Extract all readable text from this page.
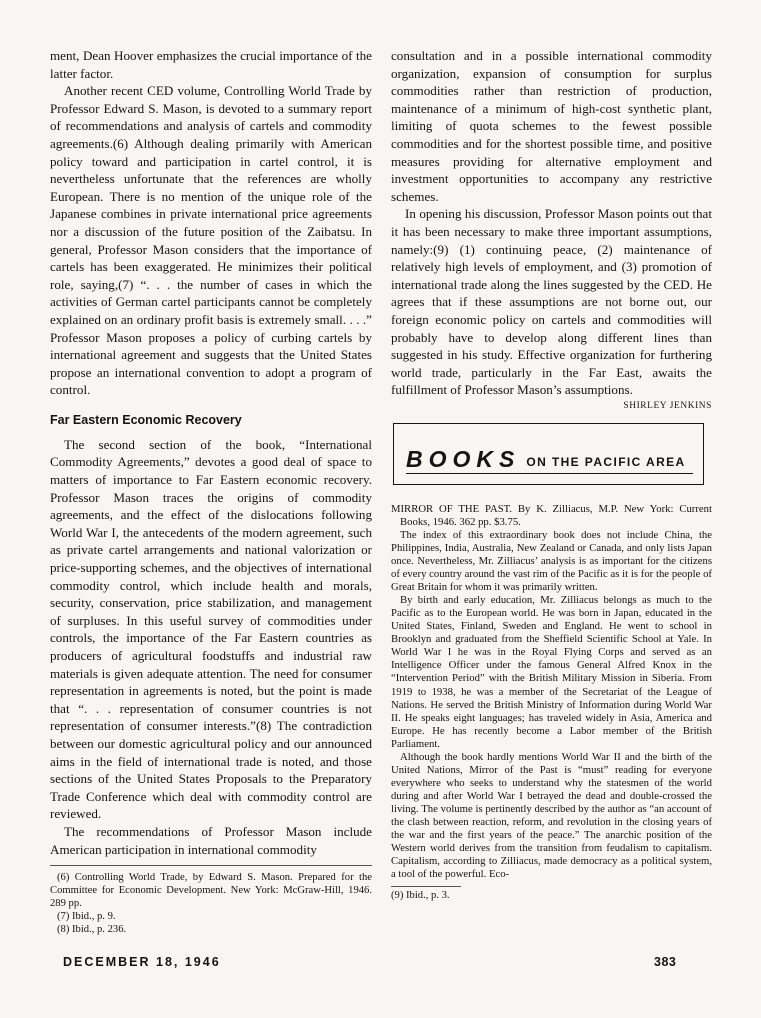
ment, Dean Hoover emphasizes the crucial importance of the latter factor.

Another recent CED volume, Controlling World Trade by Professor Edward S. Mason, is devoted to a summary report of recommendations and analysis of cartels and commodity agreements.(6) Although dealing primarily with American policy toward and participation in cartel control, it is nevertheless unfortunate that the references are wholly European. There is no mention of the unique role of the Japanese combines in private international price agreements nor a discussion of the future position of the Zaibatsu. In general, Professor Mason considers that the importance of cartels has been exaggerated. He minimizes their political role, saying,(7) “. . . the number of cases in which the activities of German cartel participants cannot be completely explained on an ordinary profit basis is extremely small. . . .” Professor Mason proposes a policy of curbing cartels by international agreement and suggests that the United States propose an international convention to adopt a program of control.

Far Eastern Economic Recovery

The second section of the book, “International Commodity Agreements,” devotes a good deal of space to matters of importance to Far Eastern economic recovery. Professor Mason traces the origins of commodity agreements, and the effect of the dislocations following World War I, the antecedents of the modern agreement, such as private cartel arrangements and national valorization or price-supporting schemes, and the objectives of international commodity control, which include health and morals, security, conservation, price stabilization, and management of surpluses. In this useful survey of commodities under controls, the importance of the Far Eastern countries as producers of agricultural foodstuffs and industrial raw materials is given adequate attention. The need for consumer representation in agreements is noted, but the point is made that “. . . representation of consumer countries is not representation of consumer interests.”(8) The contradiction between our domestic agricultural policy and our announced aims in the field of international trade is noted, and those sections of the United States Proposals to the Preparatory Trade Conference which deal with commodity control are reviewed.

The recommendations of Professor Mason include American participation in international commodity

(6) Controlling World Trade, by Edward S. Mason. Prepared for the Committee for Economic Development. New York: McGraw-Hill, 1946. 289 pp.

(7) Ibid., p. 9.

(8) Ibid., p. 236.

consultation and in a possible international commodity organization, expansion of consumption for surplus commodities rather than restriction of production, maintenance of a minimum of high-cost synthetic plant, limiting of quota schemes to the fewest possible commodities and for the shortest possible time, and positive measures providing for alternative employment and investment opportunities to accompany any restrictive schemes.

In opening his discussion, Professor Mason points out that it has been necessary to make three important assumptions, namely:(9) (1) continuing peace, (2) maintenance of relatively high levels of employment, and (3) promotion of international trade along the lines suggested by the CED. He agrees that if these assumptions are not borne out, our foreign economic policy on cartels and commodities will probably have to develop along different lines than suggested in his study. Effective organization for furthering world trade, particularly in the Far East, awaits the fulfillment of Professor Mason’s assumptions.

SHIRLEY JENKINS
BOOKS ON THE PACIFIC AREA

MIRROR OF THE PAST. By K. Zilliacus, M.P. New York: Current Books, 1946. 362 pp. $3.75.

The index of this extraordinary book does not include China, the Philippines, India, Australia, New Zealand or Canada, and only lists Japan once. Nevertheless, Mr. Zilliacus’ analysis is as important for the citizens of every country around the vast rim of the Pacific as it is for the people of Great Britain for whom it was primarily written.

By birth and early education, Mr. Zilliacus belongs as much to the Pacific as to the European world. He was born in Japan, educated in the United States, Finland, Sweden and England. He went to school in Brooklyn and graduated from the Sheffield Scientific School at Yale. In World War I he was in the Royal Flying Corps and served as an Intelligence Officer under the famous General Alfred Knox in the “Intervention Period” with the British Military Mission in Siberia. From 1919 to 1938, he was a member of the Secretariat of the League of Nations. He served the British Ministry of Information during World War II. He speaks eight languages; has traveled widely in Asia, America and Europe. He has recently become a Labor member of the British Parliament.

Although the book hardly mentions World War II and the birth of the United Nations, Mirror of the Past is “must” reading for everyone everywhere who seeks to understand why the statesmen of the world during and after World War I betrayed the dead and double-crossed the living. The volume is pertinently described by the author as “an account of the clash between reaction, reform, and revolution in the closing years of the war and the first years of the peace.” The anarchic position of the Western world derives from the transition from feudalism to capitalism. Capitalism, according to Zilliacus, made democracy as a political system, a tool of the powerful. Eco-

(9) Ibid., p. 3.
DECEMBER 18, 1946	383
